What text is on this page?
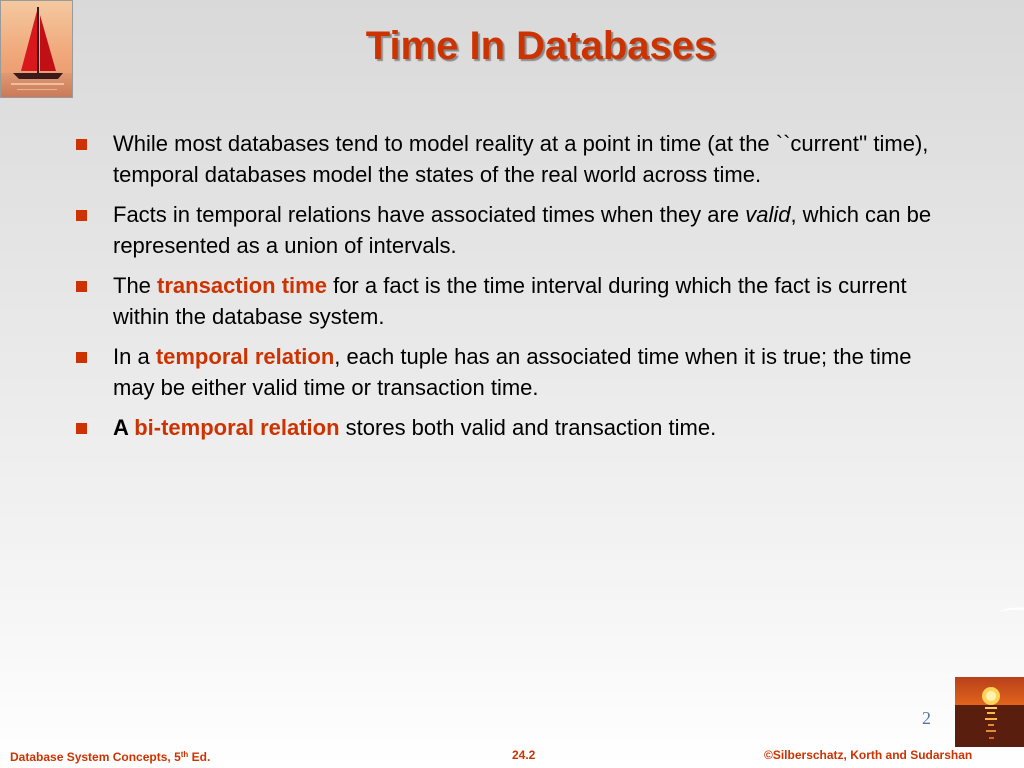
Time In Databases
While most databases tend to model reality at a point in time (at the ``current'' time), temporal databases model the states of the real world across time.
Facts in temporal relations have associated times when they are valid, which can be represented as a union of intervals.
The transaction time for a fact is the time interval during which the fact is current within the database system.
In a temporal relation, each tuple has an associated time when it is true; the time may be either valid time or transaction time.
A bi-temporal relation stores both valid and transaction time.
2
Database System Concepts, 5th Ed.	24.2	©Silberschatz, Korth and Sudarshan
